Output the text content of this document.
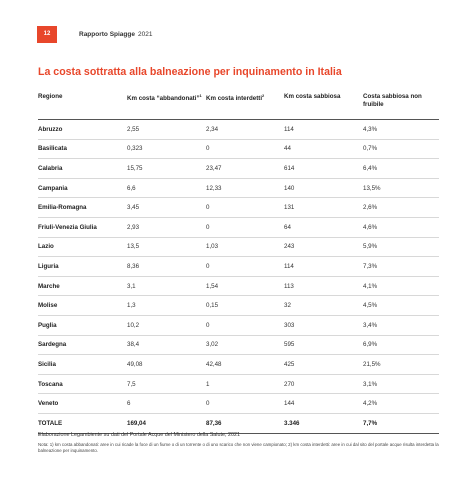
12	Rapporto Spiagge 2021
La costa sottratta alla balneazione per inquinamento in Italia
Regione	Km costa “abbandonati”$^1$	Km costa interdetti$^2$	Km costa sabbiosa	Costa sabbiosa non fruibile
Abruzzo	2,55	2,34	114	4,3%
Basilicata	0,323	0	44	0,7%
Calabria	15,75	23,47	614	6,4%
Campania	6,6	12,33	140	13,5%
Emilia-Romagna	3,45	0	131	2,6%
Friuli-Venezia Giulia	2,93	0	64	4,6%
Lazio	13,5	1,03	243	5,9%
Liguria	8,36	0	114	7,3%
Marche	3,1	1,54	113	4,1%
Molise	1,3	0,15	32	4,5%
Puglia	10,2	0	303	3,4%
Sardegna	38,4	3,02	595	6,9%
Sicilia	49,08	42,48	425	21,5%
Toscana	7,5	1	270	3,1%
Veneto	6	0	144	4,2%
TOTALE	169,04	87,36	3.346	7,7%
Elaborazione Legambiente su dati del Portale Acque del Ministero della Salute, 2021
Nota: 1) km costa abbandonati: aree in cui ricade la foce di un fiume o di un torrente o di uno scarico che non viene campionato; 2) km costa interdetti: aree in cui dal sito del portale acque risulta interdetta la balneazione per inquinamento.
